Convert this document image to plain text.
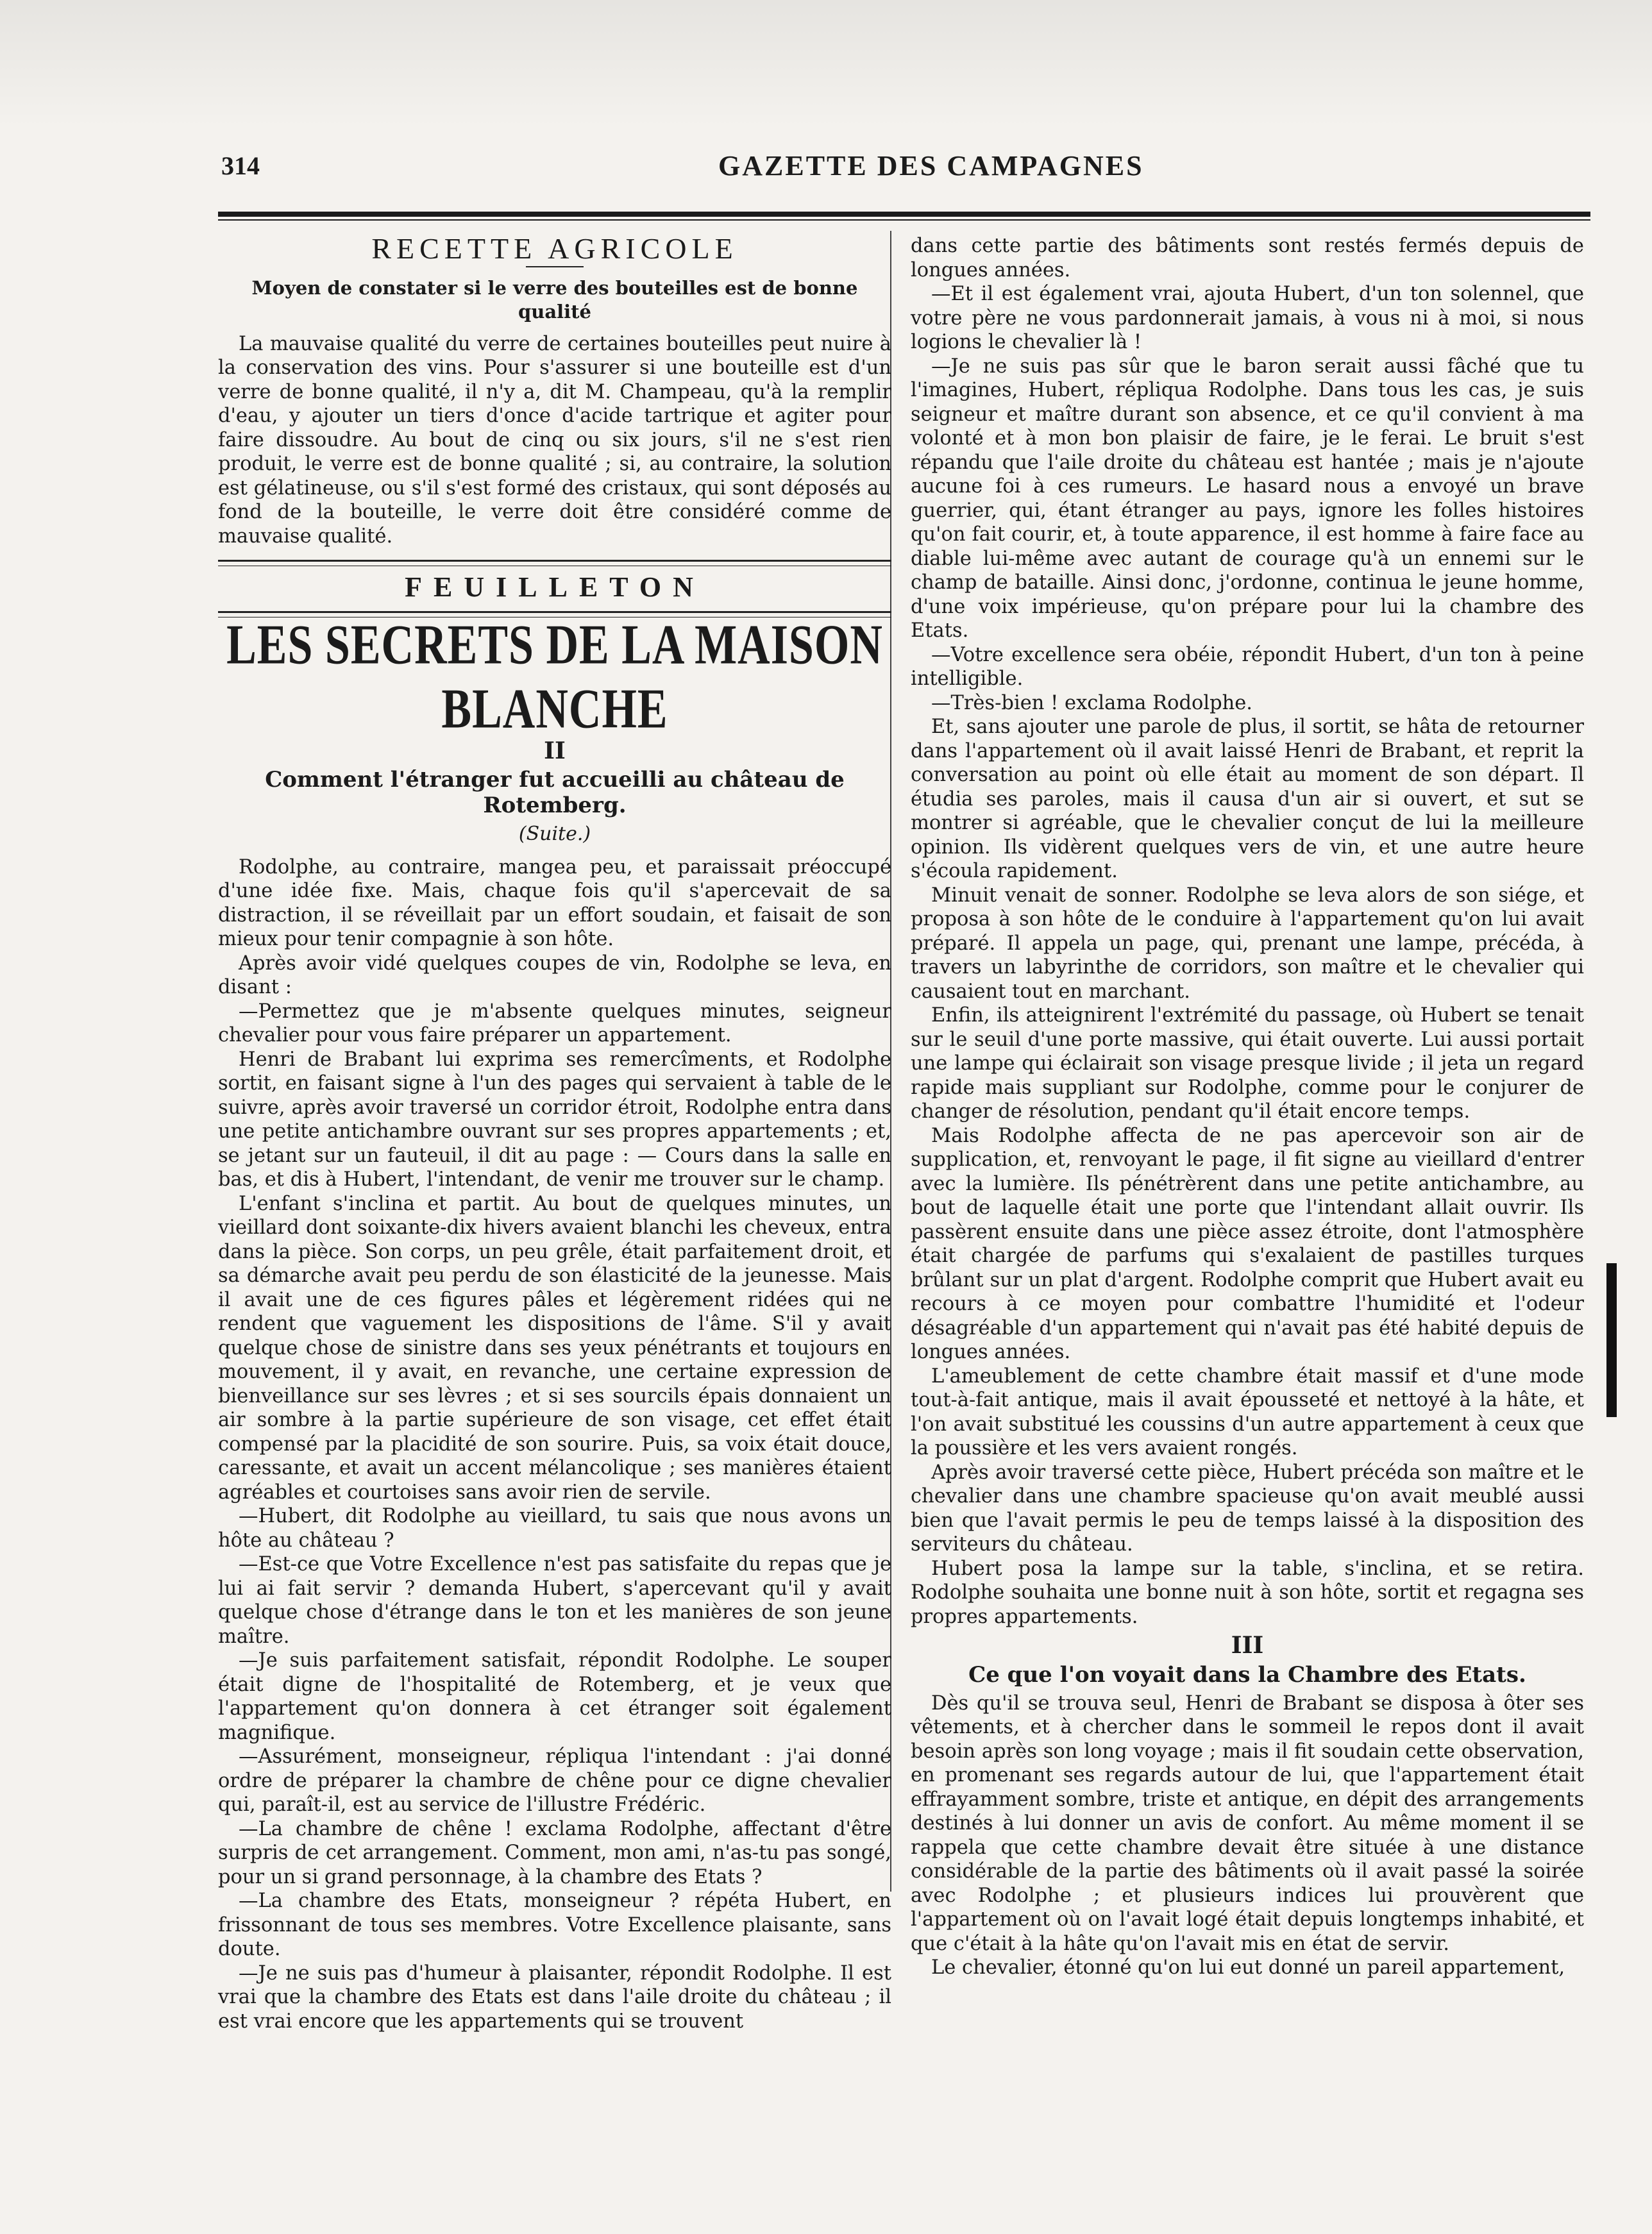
314	GAZETTE DES CAMPAGNES
RECETTE AGRICOLE
Moyen de constater si le verre des bouteilles est de bonne qualité

La mauvaise qualité du verre de certaines bouteilles peut nuire à la conservation des vins. Pour s'assurer si une bouteille est d'un verre de bonne qualité, il n'y a, dit M. Champeau, qu'à la remplir d'eau, y ajouter un tiers d'once d'acide tartrique et agiter pour faire dissoudre. Au bout de cinq ou six jours, s'il ne s'est rien produit, le verre est de bonne qualité ; si, au contraire, la solution est gélatineuse, ou s'il s'est formé des cristaux, qui sont déposés au fond de la bouteille, le verre doit être considéré comme de mauvaise qualité.

FEUILLETON
LES SECRETS DE LA MAISON BLANCHE
II
Comment l'étranger fut accueilli au château de Rotemberg.
(Suite.)

Rodolphe, au contraire, mangea peu, et paraissait préoccupé d'une idée fixe. Mais, chaque fois qu'il s'apercevait de sa distraction, il se réveillait par un effort soudain, et faisait de son mieux pour tenir compagnie à son hôte.

Après avoir vidé quelques coupes de vin, Rodolphe se leva, en disant :

—Permettez que je m'absente quelques minutes, seigneur chevalier pour vous faire préparer un appartement.

Henri de Brabant lui exprima ses remercîments, et Rodolphe sortit, en faisant signe à l'un des pages qui servaient à table de le suivre, après avoir traversé un corridor étroit, Rodolphe entra dans une petite antichambre ouvrant sur ses propres appartements ; et, se jetant sur un fauteuil, il dit au page : — Cours dans la salle en bas, et dis à Hubert, l'intendant, de venir me trouver sur le champ.

L'enfant s'inclina et partit. Au bout de quelques minutes, un vieillard dont soixante-dix hivers avaient blanchi les cheveux, entra dans la pièce. Son corps, un peu grêle, était parfaitement droit, et sa démarche avait peu perdu de son élasticité de la jeunesse. Mais il avait une de ces figures pâles et légèrement ridées qui ne rendent que vaguement les dispositions de l'âme. S'il y avait quelque chose de sinistre dans ses yeux pénétrants et toujours en mouvement, il y avait, en revanche, une certaine expression de bienveillance sur ses lèvres ; et si ses sourcils épais donnaient un air sombre à la partie supérieure de son visage, cet effet était compensé par la placidité de son sourire. Puis, sa voix était douce, caressante, et avait un accent mélancolique ; ses manières étaient agréables et courtoises sans avoir rien de servile.

—Hubert, dit Rodolphe au vieillard, tu sais que nous avons un hôte au château ?

—Est-ce que Votre Excellence n'est pas satisfaite du repas que je lui ai fait servir ? demanda Hubert, s'apercevant qu'il y avait quelque chose d'étrange dans le ton et les manières de son jeune maître.

—Je suis parfaitement satisfait, répondit Rodolphe. Le souper était digne de l'hospitalité de Rotemberg, et je veux que l'appartement qu'on donnera à cet étranger soit également magnifique.

—Assurément, monseigneur, répliqua l'intendant : j'ai donné ordre de préparer la chambre de chêne pour ce digne chevalier qui, paraît-il, est au service de l'illustre Frédéric.

—La chambre de chêne ! exclama Rodolphe, affectant d'être surpris de cet arrangement. Comment, mon ami, n'as-tu pas songé, pour un si grand personnage, à la chambre des Etats ?

—La chambre des Etats, monseigneur ? répéta Hubert, en frissonnant de tous ses membres. Votre Excellence plaisante, sans doute.

—Je ne suis pas d'humeur à plaisanter, répondit Rodolphe. Il est vrai que la chambre des Etats est dans l'aile droite du château ; il est vrai encore que les appartements qui se trouvent

dans cette partie des bâtiments sont restés fermés depuis de longues années.

—Et il est également vrai, ajouta Hubert, d'un ton solennel, que votre père ne vous pardonnerait jamais, à vous ni à moi, si nous logions le chevalier là !

—Je ne suis pas sûr que le baron serait aussi fâché que tu l'imagines, Hubert, répliqua Rodolphe. Dans tous les cas, je suis seigneur et maître durant son absence, et ce qu'il convient à ma volonté et à mon bon plaisir de faire, je le ferai. Le bruit s'est répandu que l'aile droite du château est hantée ; mais je n'ajoute aucune foi à ces rumeurs. Le hasard nous a envoyé un brave guerrier, qui, étant étranger au pays, ignore les folles histoires qu'on fait courir, et, à toute apparence, il est homme à faire face au diable lui-même avec autant de courage qu'à un ennemi sur le champ de bataille. Ainsi donc, j'ordonne, continua le jeune homme, d'une voix impérieuse, qu'on prépare pour lui la chambre des Etats.

—Votre excellence sera obéie, répondit Hubert, d'un ton à peine intelligible.

—Très-bien ! exclama Rodolphe.

Et, sans ajouter une parole de plus, il sortit, se hâta de retourner dans l'appartement où il avait laissé Henri de Brabant, et reprit la conversation au point où elle était au moment de son départ. Il étudia ses paroles, mais il causa d'un air si ouvert, et sut se montrer si agréable, que le chevalier conçut de lui la meilleure opinion. Ils vidèrent quelques vers de vin, et une autre heure s'écoula rapidement.

Minuit venait de sonner. Rodolphe se leva alors de son siége, et proposa à son hôte de le conduire à l'appartement qu'on lui avait préparé. Il appela un page, qui, prenant une lampe, précéda, à travers un labyrinthe de corridors, son maître et le chevalier qui causaient tout en marchant.

Enfin, ils atteignirent l'extrémité du passage, où Hubert se tenait sur le seuil d'une porte massive, qui était ouverte. Lui aussi portait une lampe qui éclairait son visage presque livide ; il jeta un regard rapide mais suppliant sur Rodolphe, comme pour le conjurer de changer de résolution, pendant qu'il était encore temps.

Mais Rodolphe affecta de ne pas apercevoir son air de supplication, et, renvoyant le page, il fit signe au vieillard d'entrer avec la lumière. Ils pénétrèrent dans une petite antichambre, au bout de laquelle était une porte que l'intendant allait ouvrir. Ils passèrent ensuite dans une pièce assez étroite, dont l'atmosphère était chargée de parfums qui s'exalaient de pastilles turques brûlant sur un plat d'argent. Rodolphe comprit que Hubert avait eu recours à ce moyen pour combattre l'humidité et l'odeur désagréable d'un appartement qui n'avait pas été habité depuis de longues années.

L'ameublement de cette chambre était massif et d'une mode tout-à-fait antique, mais il avait épousseté et nettoyé à la hâte, et l'on avait substitué les coussins d'un autre appartement à ceux que la poussière et les vers avaient rongés.

Après avoir traversé cette pièce, Hubert précéda son maître et le chevalier dans une chambre spacieuse qu'on avait meublé aussi bien que l'avait permis le peu de temps laissé à la disposition des serviteurs du château.

Hubert posa la lampe sur la table, s'inclina, et se retira. Rodolphe souhaita une bonne nuit à son hôte, sortit et regagna ses propres appartements.

III
Ce que l'on voyait dans la Chambre des Etats.

Dès qu'il se trouva seul, Henri de Brabant se disposa à ôter ses vêtements, et à chercher dans le sommeil le repos dont il avait besoin après son long voyage ; mais il fit soudain cette observation, en promenant ses regards autour de lui, que l'appartement était effrayamment sombre, triste et antique, en dépit des arrangements destinés à lui donner un avis de confort. Au même moment il se rappela que cette chambre devait être située à une distance considérable de la partie des bâtiments où il avait passé la soirée avec Rodolphe ; et plusieurs indices lui prouvèrent que l'appartement où on l'avait logé était depuis longtemps inhabité, et que c'était à la hâte qu'on l'avait mis en état de servir.

Le chevalier, étonné qu'on lui eut donné un pareil appartement,
